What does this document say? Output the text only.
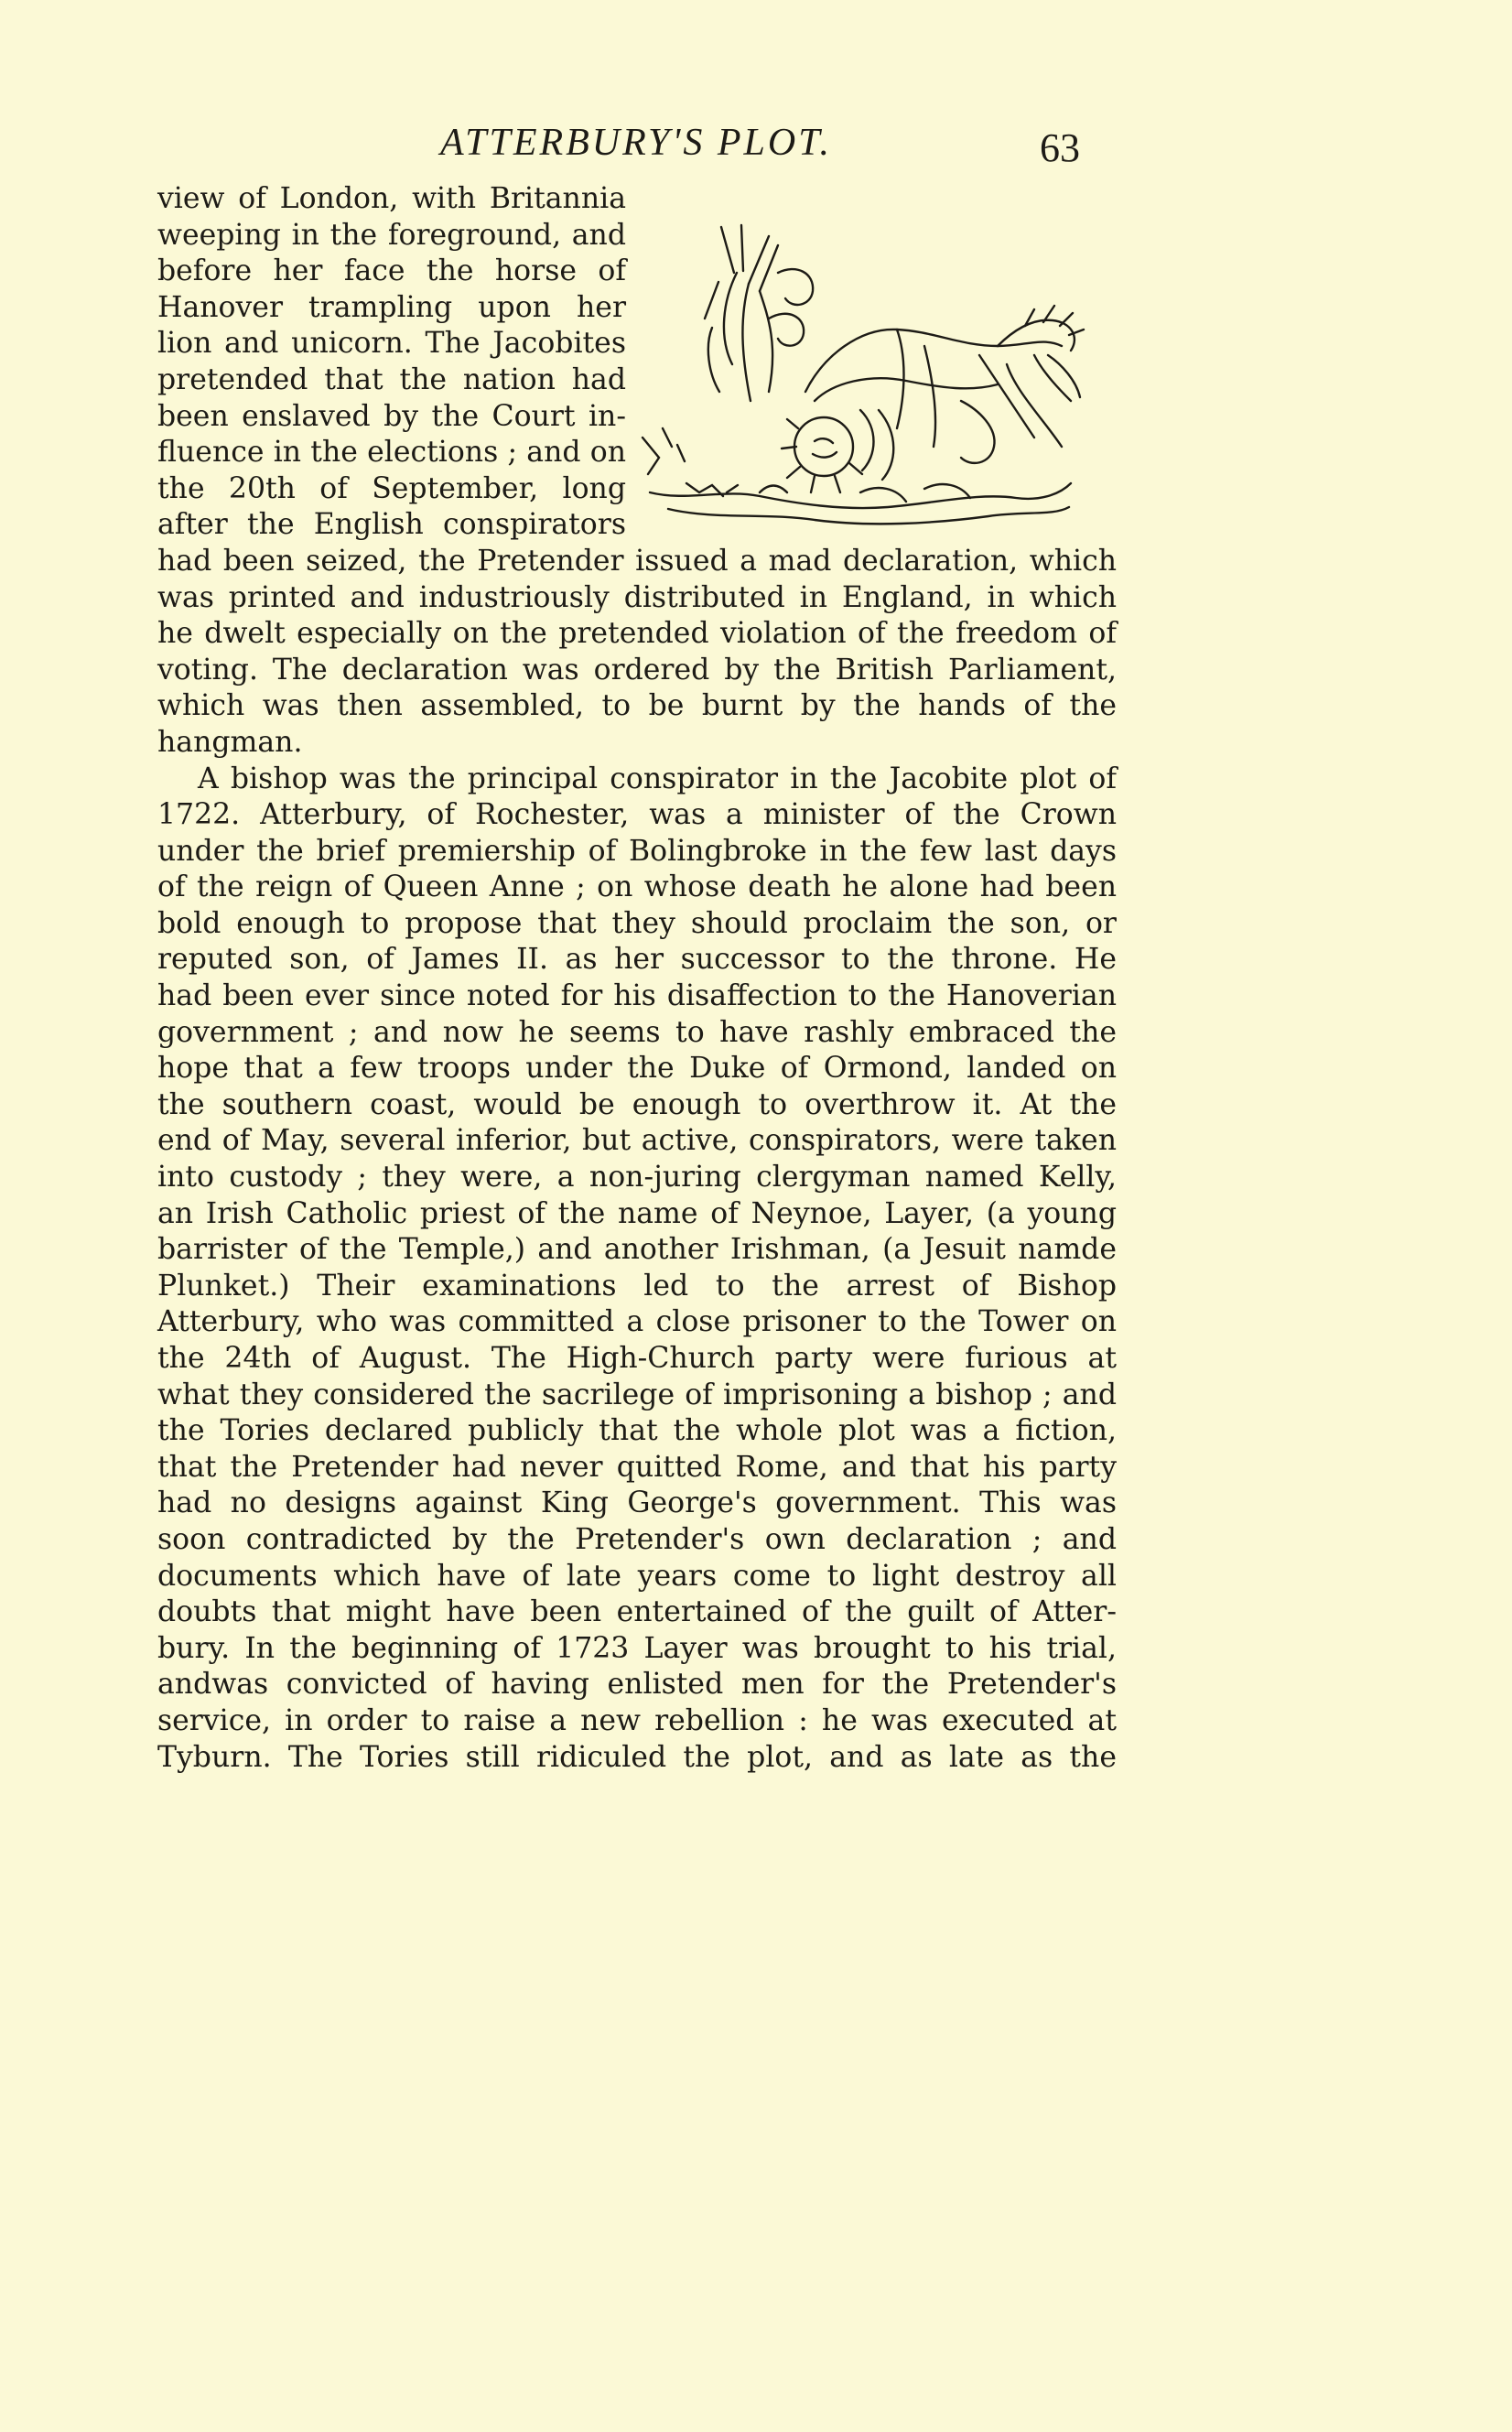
ATTERBURY'S PLOT.	63
view of London, with Britannia
weeping in the foreground, and
before her face the horse of
Hanover trampling upon her
lion and unicorn. The Jacobites
pretended that the nation had
been enslaved by the Court in-
fluence in the elections ; and on
the 20th of September, long
after the English conspirators
had been seized, the Pretender issued a mad declaration, which
was printed and industriously distributed in England, in which
he dwelt especially on the pretended violation of the freedom of
voting. The declaration was ordered by the British Parliament,
which was then assembled, to be burnt by the hands of the
hangman.
A bishop was the principal conspirator in the Jacobite plot of
1722. Atterbury, of Rochester, was a minister of the Crown
under the brief premiership of Bolingbroke in the few last days
of the reign of Queen Anne ; on whose death he alone had been
bold enough to propose that they should proclaim the son, or
reputed son, of James II. as her successor to the throne. He
had been ever since noted for his disaffection to the Hanoverian
government ; and now he seems to have rashly embraced the
hope that a few troops under the Duke of Ormond, landed on
the southern coast, would be enough to overthrow it. At the
end of May, several inferior, but active, conspirators, were taken
into custody ; they were, a non-juring clergyman named Kelly,
an Irish Catholic priest of the name of Neynoe, Layer, (a young
barrister of the Temple,) and another Irishman, (a Jesuit namde
Plunket.) Their examinations led to the arrest of Bishop
Atterbury, who was committed a close prisoner to the Tower on
the 24th of August. The High-Church party were furious at
what they considered the sacrilege of imprisoning a bishop ; and
the Tories declared publicly that the whole plot was a fiction,
that the Pretender had never quitted Rome, and that his party
had no designs against King George's government. This was
soon contradicted by the Pretender's own declaration ; and
documents which have of late years come to light destroy all
doubts that might have been entertained of the guilt of Atter-
bury. In the beginning of 1723 Layer was brought to his trial,
andwas convicted of having enlisted men for the Pretender's
service, in order to raise a new rebellion : he was executed at
Tyburn. The Tories still ridiculed the plot, and as late as the
